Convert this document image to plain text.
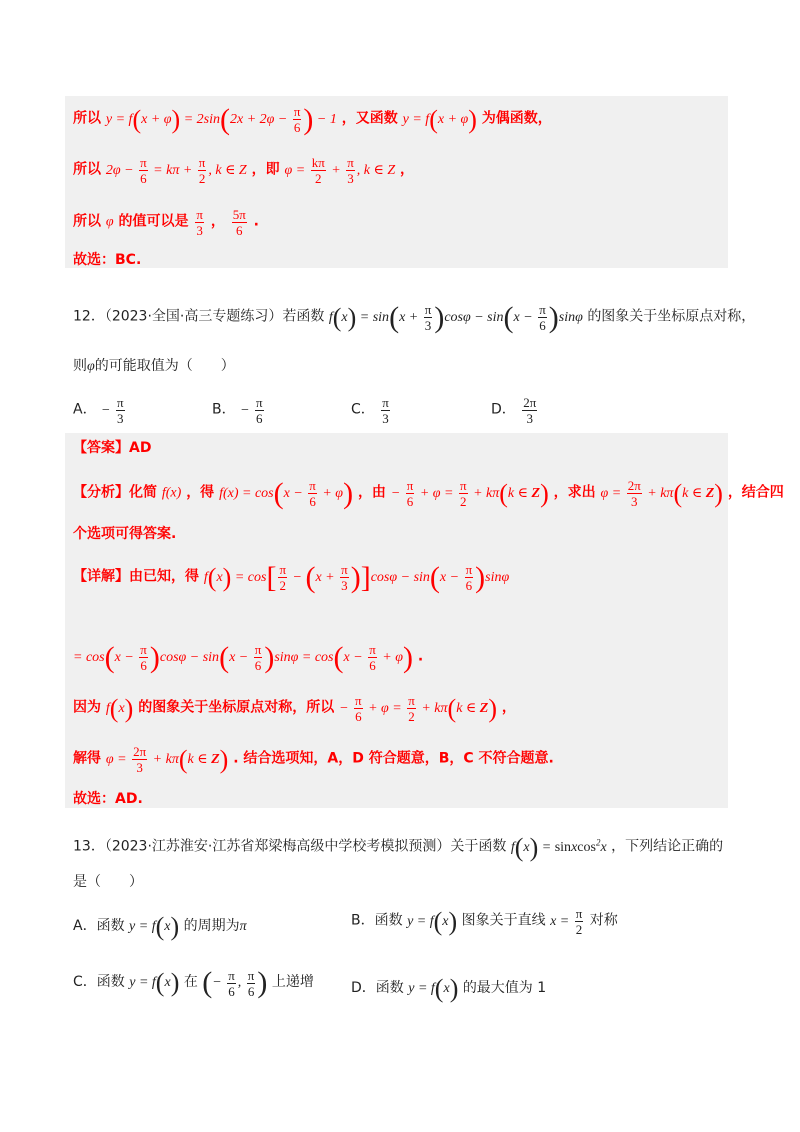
所以 $y = f(x + \varphi) = 2\sin(2x + 2\varphi - \frac{\pi}{6}$ ) − 1 ，又函数 y = f(x + φ) 为偶函数，
所以 $2\varphi - \frac{\pi}{6} = k\pi + \frac{\pi}{2}$ , k ∈ Z ，即 $\varphi = \frac{k\pi}{2} + \frac{\pi}{3}$ , k ∈ Z ，
所以 φ 的值可以是 $\frac{\pi}{3}$ ， $\frac{5\pi}{6}$ .
故选：BC.
12．（2023·全国·高三专题练习）若函数 $f(x) = \sin(x + \frac{\pi}{3} )\cos\varphi - \sin(x - \frac{\pi}{6} )\sin\varphi$ 的图象关于坐标原点对称，
则φ的可能取值为（　　）
A． − $\frac{\pi}{3}$	B． − $\frac{\pi}{6}$	C． $\frac{\pi}{3}$	D． $\frac{2\pi}{3}$
【答案】AD
【分析】化简 f(x) ，得 $f(x) = \cos(x - \frac{\pi}{6} + \varphi)$ ，由 − $\frac{\pi}{6} + \varphi = \frac{\pi}{2} + k\pi(k$ ∈ Z) ，求出 $\varphi = \frac{2\pi}{3} + k\pi(k$ ∈ Z) ，结合四
个选项可得答案.
【详解】由已知，得 $f(x) = \cos[ \frac{\pi}{2} - (x + \frac{\pi}{3} )]\cos\varphi - \sin(x - \frac{\pi}{6} )\sin\varphi$
= $\cos(x - \frac{\pi}{6} )\cos\varphi - \sin(x - \frac{\pi}{6} )\sin\varphi = \cos(x - \frac{\pi}{6} + \varphi)$ .
因为 f(x) 的图象关于坐标原点对称，所以 − $\frac{\pi}{6} + \varphi = \frac{\pi}{2} + k\pi(k$ ∈ Z) ，
解得 $\varphi = \frac{2\pi}{3} + k\pi(k$ ∈ Z) . 结合选项知，A，D 符合题意，B，C 不符合题意.
故选：AD.
13．（2023·江苏淮安·江苏省郑梁梅高级中学校考模拟预测）关于函数 f(x) = sinxcos$^2$x ，下列结论正确的
是（　　）
A．函数 y = f(x) 的周期为π	B．函数 y = f(x) 图象关于直线 $x = \frac{\pi}{2}$ 对称
C．函数 y = f(x) 在 (− $\frac{\pi}{6}$ , $\frac{\pi}{6}$ ) 上递增	D．函数 y = f(x) 的最大值为 1
